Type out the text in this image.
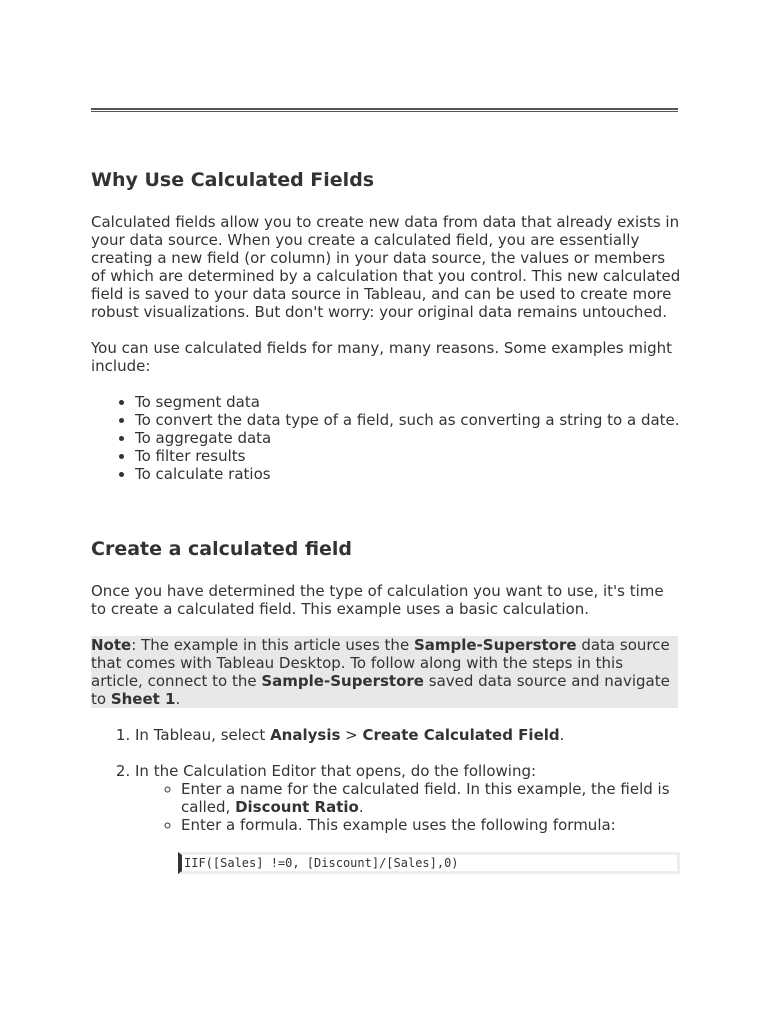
Why Use Calculated Fields

Calculated fields allow you to create new data from data that already exists in your data source. When you create a calculated field, you are essentially creating a new field (or column) in your data source, the values or members of which are determined by a calculation that you control. This new calculated field is saved to your data source in Tableau, and can be used to create more robust visualizations. But don't worry: your original data remains untouched.

You can use calculated fields for many, many reasons. Some examples might include:

• To segment data
• To convert the data type of a field, such as converting a string to a date.
• To aggregate data
• To filter results
• To calculate ratios
Create a calculated field

Once you have determined the type of calculation you want to use, it's time to create a calculated field. This example uses a basic calculation.

Note: The example in this article uses the Sample-Superstore data source that comes with Tableau Desktop. To follow along with the steps in this article, connect to the Sample-Superstore saved data source and navigate to Sheet 1.

1. In Tableau, select Analysis > Create Calculated Field.
2. In the Calculation Editor that opens, do the following:
◦ Enter a name for the calculated field. In this example, the field is called, Discount Ratio.
◦ Enter a formula. This example uses the following formula:
IIF([Sales] !=0, [Discount]/[Sales],0)
